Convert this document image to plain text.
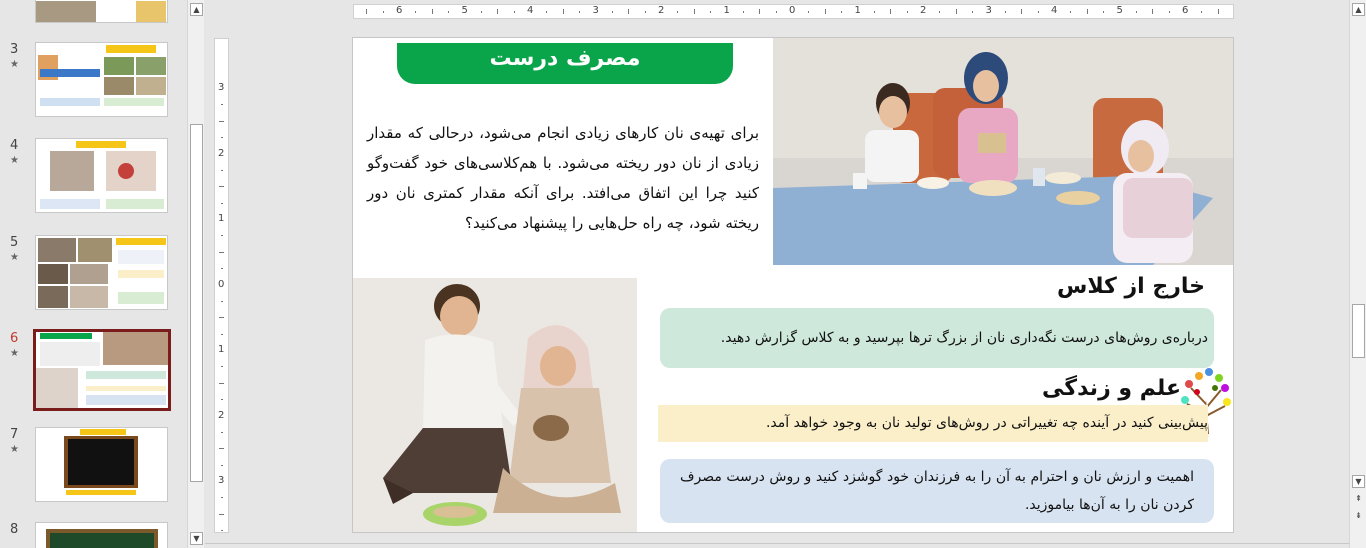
3
★
4
★
5
★
6
★
7
★
8
▲
▼
6	5	4	3	2	1	0	1	2	3	4	5	6
3
2
1
0
1
2
3
مصرف درست
برای تهیه‌ی نان کارهای زیادی انجام می‌شود، درحالی که مقدار زیادی از نان دور ریخته می‌شود. با هم‌کلاسی‌های خود گفت‌وگو کنید چرا این اتفاق می‌افتد. برای آنکه مقدار کمتری نان دور ریخته شود، چه راه حل‌هایی را پیشنهاد می‌کنید؟
خارج از کلاس
درباره‌ی روش‌های درست نگه‌داری نان از بزرگ ترها بپرسید و به کلاس گزارش دهید.
علم و زندگی
پیش‌بینی کنید در آینده چه تغییراتی در روش‌های تولید نان به وجود خواهد آمد.
اهمیت و ارزش نان و احترام به آن را به فرزندان خود گوشزد کنید و روش درست مصرف کردن نان را به آن‌ها بیاموزید.
▲
▼
⇞
⇟
